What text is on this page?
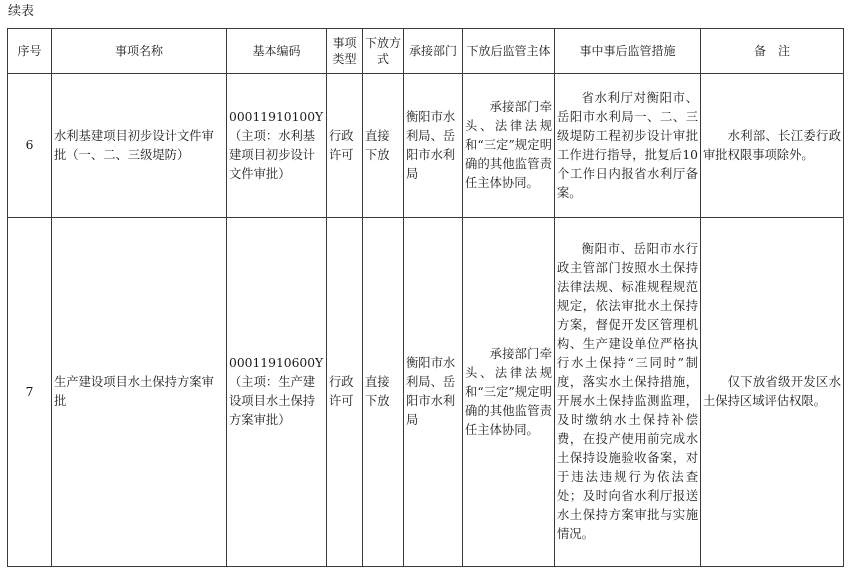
续表
序号	事项名称	基本编码	事项类型	下放方式	承接部门	下放后监管主体	事中事后监管措施	备　注
6	水利基建项目初步设计文件审批（一、二、三级堤防）	00011910100Y（主项：水利基建项目初步设计文件审批）	行政许可	直接下放	衡阳市水利局、岳阳市水利局	承接部门牵头、法律法规和“三定”规定明确的其他监管责任主体协同。	省水利厅对衡阳市、岳阳市水利局一、二、三级堤防工程初步设计审批工作进行指导，批复后10个工作日内报省水利厅备案。	水利部、长江委行政审批权限事项除外。
7	生产建设项目水土保持方案审批	00011910600Y（主项：生产建设项目水土保持方案审批）	行政许可	直接下放	衡阳市水利局、岳阳市水利局	承接部门牵头、法律法规和“三定”规定明确的其他监管责任主体协同。	衡阳市、岳阳市水行政主管部门按照水土保持法律法规、标准规程规范规定，依法审批水土保持方案，督促开发区管理机构、生产建设单位严格执行水土保持“三同时”制度，落实水土保持措施，开展水土保持监测监理，及时缴纳水土保持补偿费，在投产使用前完成水土保持设施验收备案，对于违法违规行为依法查处；及时向省水利厅报送水土保持方案审批与实施情况。	仅下放省级开发区水土保持区域评估权限。
